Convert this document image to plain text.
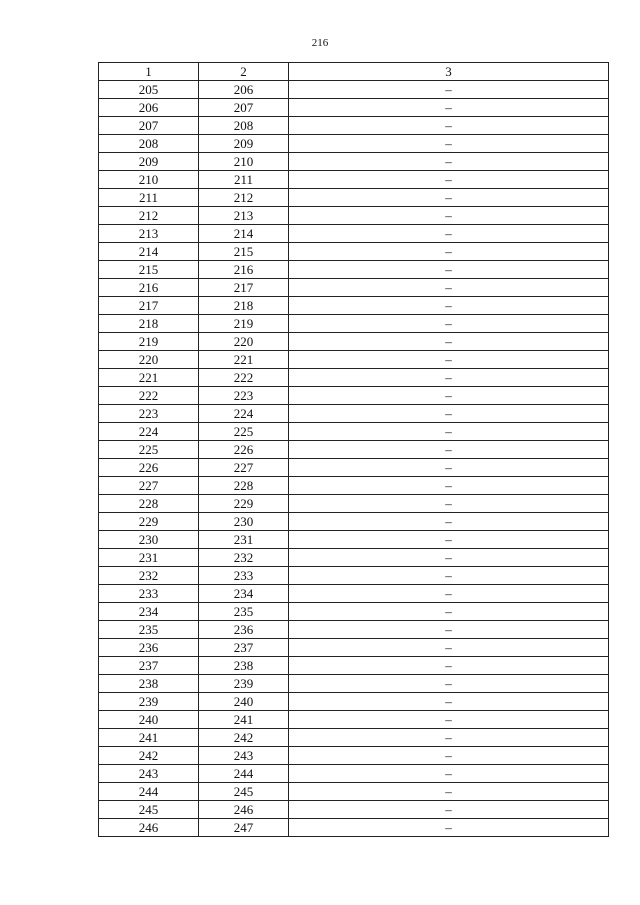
216
1	2	3
205	206	–
206	207	–
207	208	–
208	209	–
209	210	–
210	211	–
211	212	–
212	213	–
213	214	–
214	215	–
215	216	–
216	217	–
217	218	–
218	219	–
219	220	–
220	221	–
221	222	–
222	223	–
223	224	–
224	225	–
225	226	–
226	227	–
227	228	–
228	229	–
229	230	–
230	231	–
231	232	–
232	233	–
233	234	–
234	235	–
235	236	–
236	237	–
237	238	–
238	239	–
239	240	–
240	241	–
241	242	–
242	243	–
243	244	–
244	245	–
245	246	–
246	247	–
